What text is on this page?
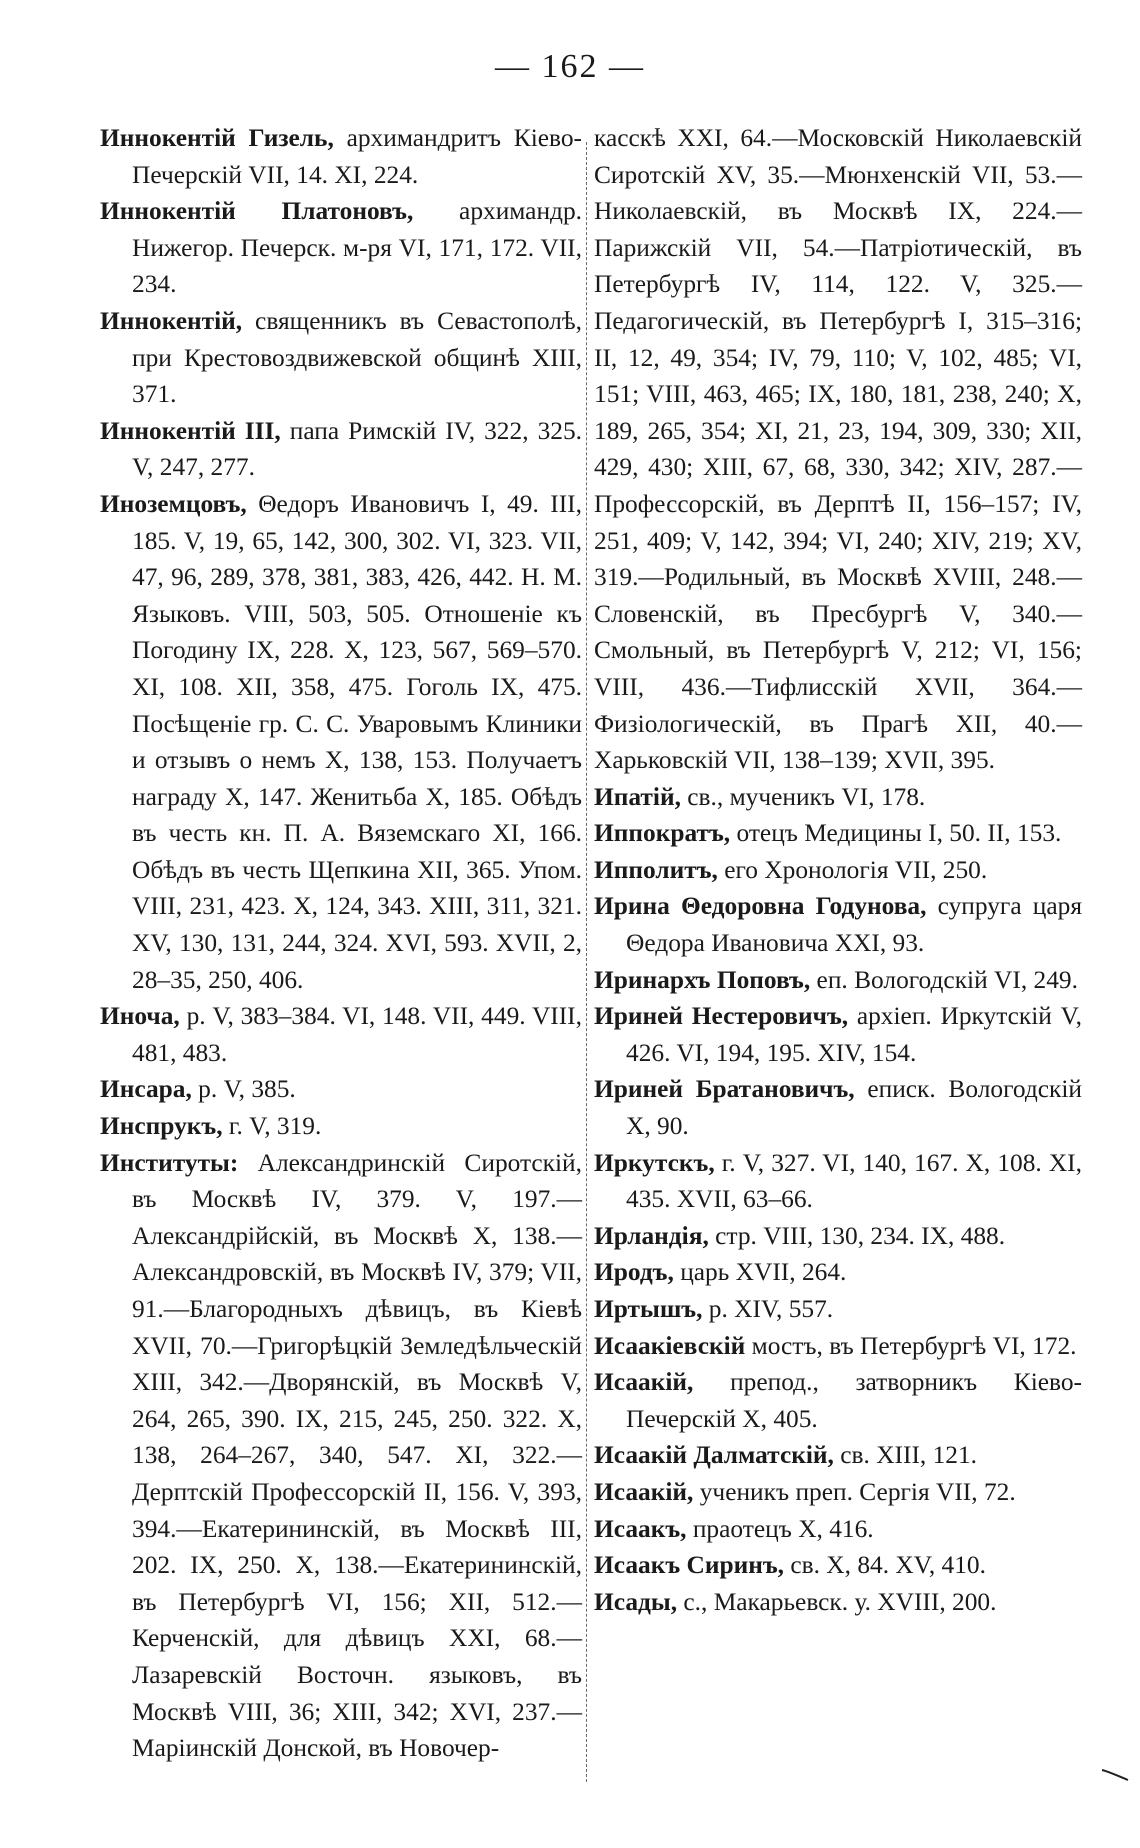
— 162 —
Иннокентій Гизель, архимандритъ Кіево-Печерскій VII, 14. XI, 224.
Иннокентій Платоновъ, архимандр. Нижегор. Печерск. м-ря VI, 171, 172. VII, 234.
Иннокентій, священникъ въ Севастополѣ, при Крестовоздвижевской общинѣ XIII, 371.
Иннокентій III, папа Римскій IV, 322, 325. V, 247, 277.
Иноземцовъ, Θедоръ Ивановичъ I, 49. III, 185. V, 19, 65, 142, 300, 302. VI, 323. VII, 47, 96, 289, 378, 381, 383, 426, 442. Н. М. Языковъ. VIII, 503, 505. Отношеніе къ Погодину IX, 228. X, 123, 567, 569–570. XI, 108. XII, 358, 475. Гоголь IX, 475. Посѣщеніе гр. С. С. Уваровымъ Клиники и отзывъ о немъ X, 138, 153. Получаетъ награду X, 147. Женитьба X, 185. Обѣдъ въ честь кн. П. А. Вяземскаго XI, 166. Обѣдъ въ честь Щепкина XII, 365. Упом. VIII, 231, 423. X, 124, 343. XIII, 311, 321. XV, 130, 131, 244, 324. XVI, 593. XVII, 2, 28–35, 250, 406.
Иноча, р. V, 383–384. VI, 148. VII, 449. VIII, 481, 483.
Инсара, р. V, 385.
Инспрукъ, г. V, 319.
Институты: Александринскій Сиротскій, въ Москвѣ IV, 379. V, 197.—Александрійскій, въ Москвѣ X, 138.—Александровскій, въ Москвѣ IV, 379; VII, 91.—Благородныхъ дѣвицъ, въ Кіевѣ XVII, 70.—Григорѣцкій Земледѣльческій XIII, 342.—Дворянскій, въ Москвѣ V, 264, 265, 390. IX, 215, 245, 250. 322. X, 138, 264–267, 340, 547. XI, 322.—Дерптскій Профессорскій II, 156. V, 393, 394.—Екатерининскій, въ Москвѣ III, 202. IX, 250. X, 138.—Екатерининскій, въ Петербургѣ VI, 156; XII, 512.—Керченскій, для дѣвицъ XXI, 68.—Лазаревскій Восточн. языковъ, въ Москвѣ VIII, 36; XIII, 342; XVI, 237.—Маріинскій Донской, въ Новочер-
касскѣ XXI, 64.—Московскій Николаевскій Сиротскій XV, 35.—Мюнхенскій VII, 53.—Николаевскій, въ Москвѣ IX, 224.—Парижскій VII, 54.—Патріотическій, въ Петербургѣ IV, 114, 122. V, 325.—Педагогическій, въ Петербургѣ I, 315–316; II, 12, 49, 354; IV, 79, 110; V, 102, 485; VI, 151; VIII, 463, 465; IX, 180, 181, 238, 240; X, 189, 265, 354; XI, 21, 23, 194, 309, 330; XII, 429, 430; XIII, 67, 68, 330, 342; XIV, 287.—Профессорскій, въ Дерптѣ II, 156–157; IV, 251, 409; V, 142, 394; VI, 240; XIV, 219; XV, 319.—Родильный, въ Москвѣ XVIII, 248.—Словенскій, въ Пресбургѣ V, 340.—Смольный, въ Петербургѣ V, 212; VI, 156; VIII, 436.—Тифлисскій XVII, 364.—Физіологическій, въ Прагѣ XII, 40.—Харьковскій VII, 138–139; XVII, 395.
Ипатій, св., мученикъ VI, 178.
Иппократъ, отецъ Медицины I, 50. II, 153.
Ипполитъ, его Хронологія VII, 250.
Ирина Θедоровна Годунова, супруга царя Θедора Ивановича XXI, 93.
Иринархъ Поповъ, еп. Вологодскій VI, 249.
Ириней Нестеровичъ, архіеп. Иркутскій V, 426. VI, 194, 195. XIV, 154.
Ириней Братановичъ, еписк. Вологодскій X, 90.
Иркутскъ, г. V, 327. VI, 140, 167. X, 108. XI, 435. XVII, 63–66.
Ирландія, стр. VIII, 130, 234. IX, 488.
Иродъ, царь XVII, 264.
Иртышъ, р. XIV, 557.
Исаакіевскій мостъ, въ Петербургѣ VI, 172.
Исаакій, препод., затворникъ Кіево-Печерскій X, 405.
Исаакій Далматскій, св. XIII, 121.
Исаакій, ученикъ преп. Сергія VII, 72.
Исаакъ, праотецъ X, 416.
Исаакъ Сиринъ, св. X, 84. XV, 410.
Исады, с., Макарьевск. у. XVIII, 200.
